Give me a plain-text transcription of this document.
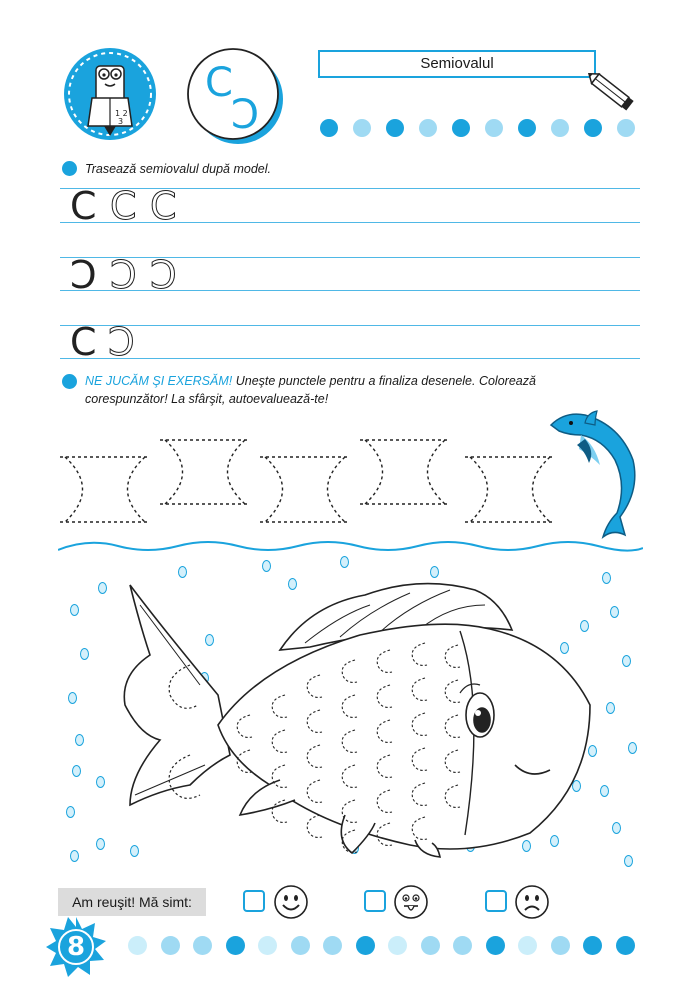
1 2
3
C
Ɔ
Semiovalul
Trasează semiovalul după model.
C C C
Ɔ Ɔ Ɔ
C Ɔ
NE JUCĂM ŞI EXERSĂM! Uneşte punctele pentru a finaliza desenele. Colorează
corespunzător! La sfârşit, autoevaluează-te!
Am reuşit! Mă simt:
8
